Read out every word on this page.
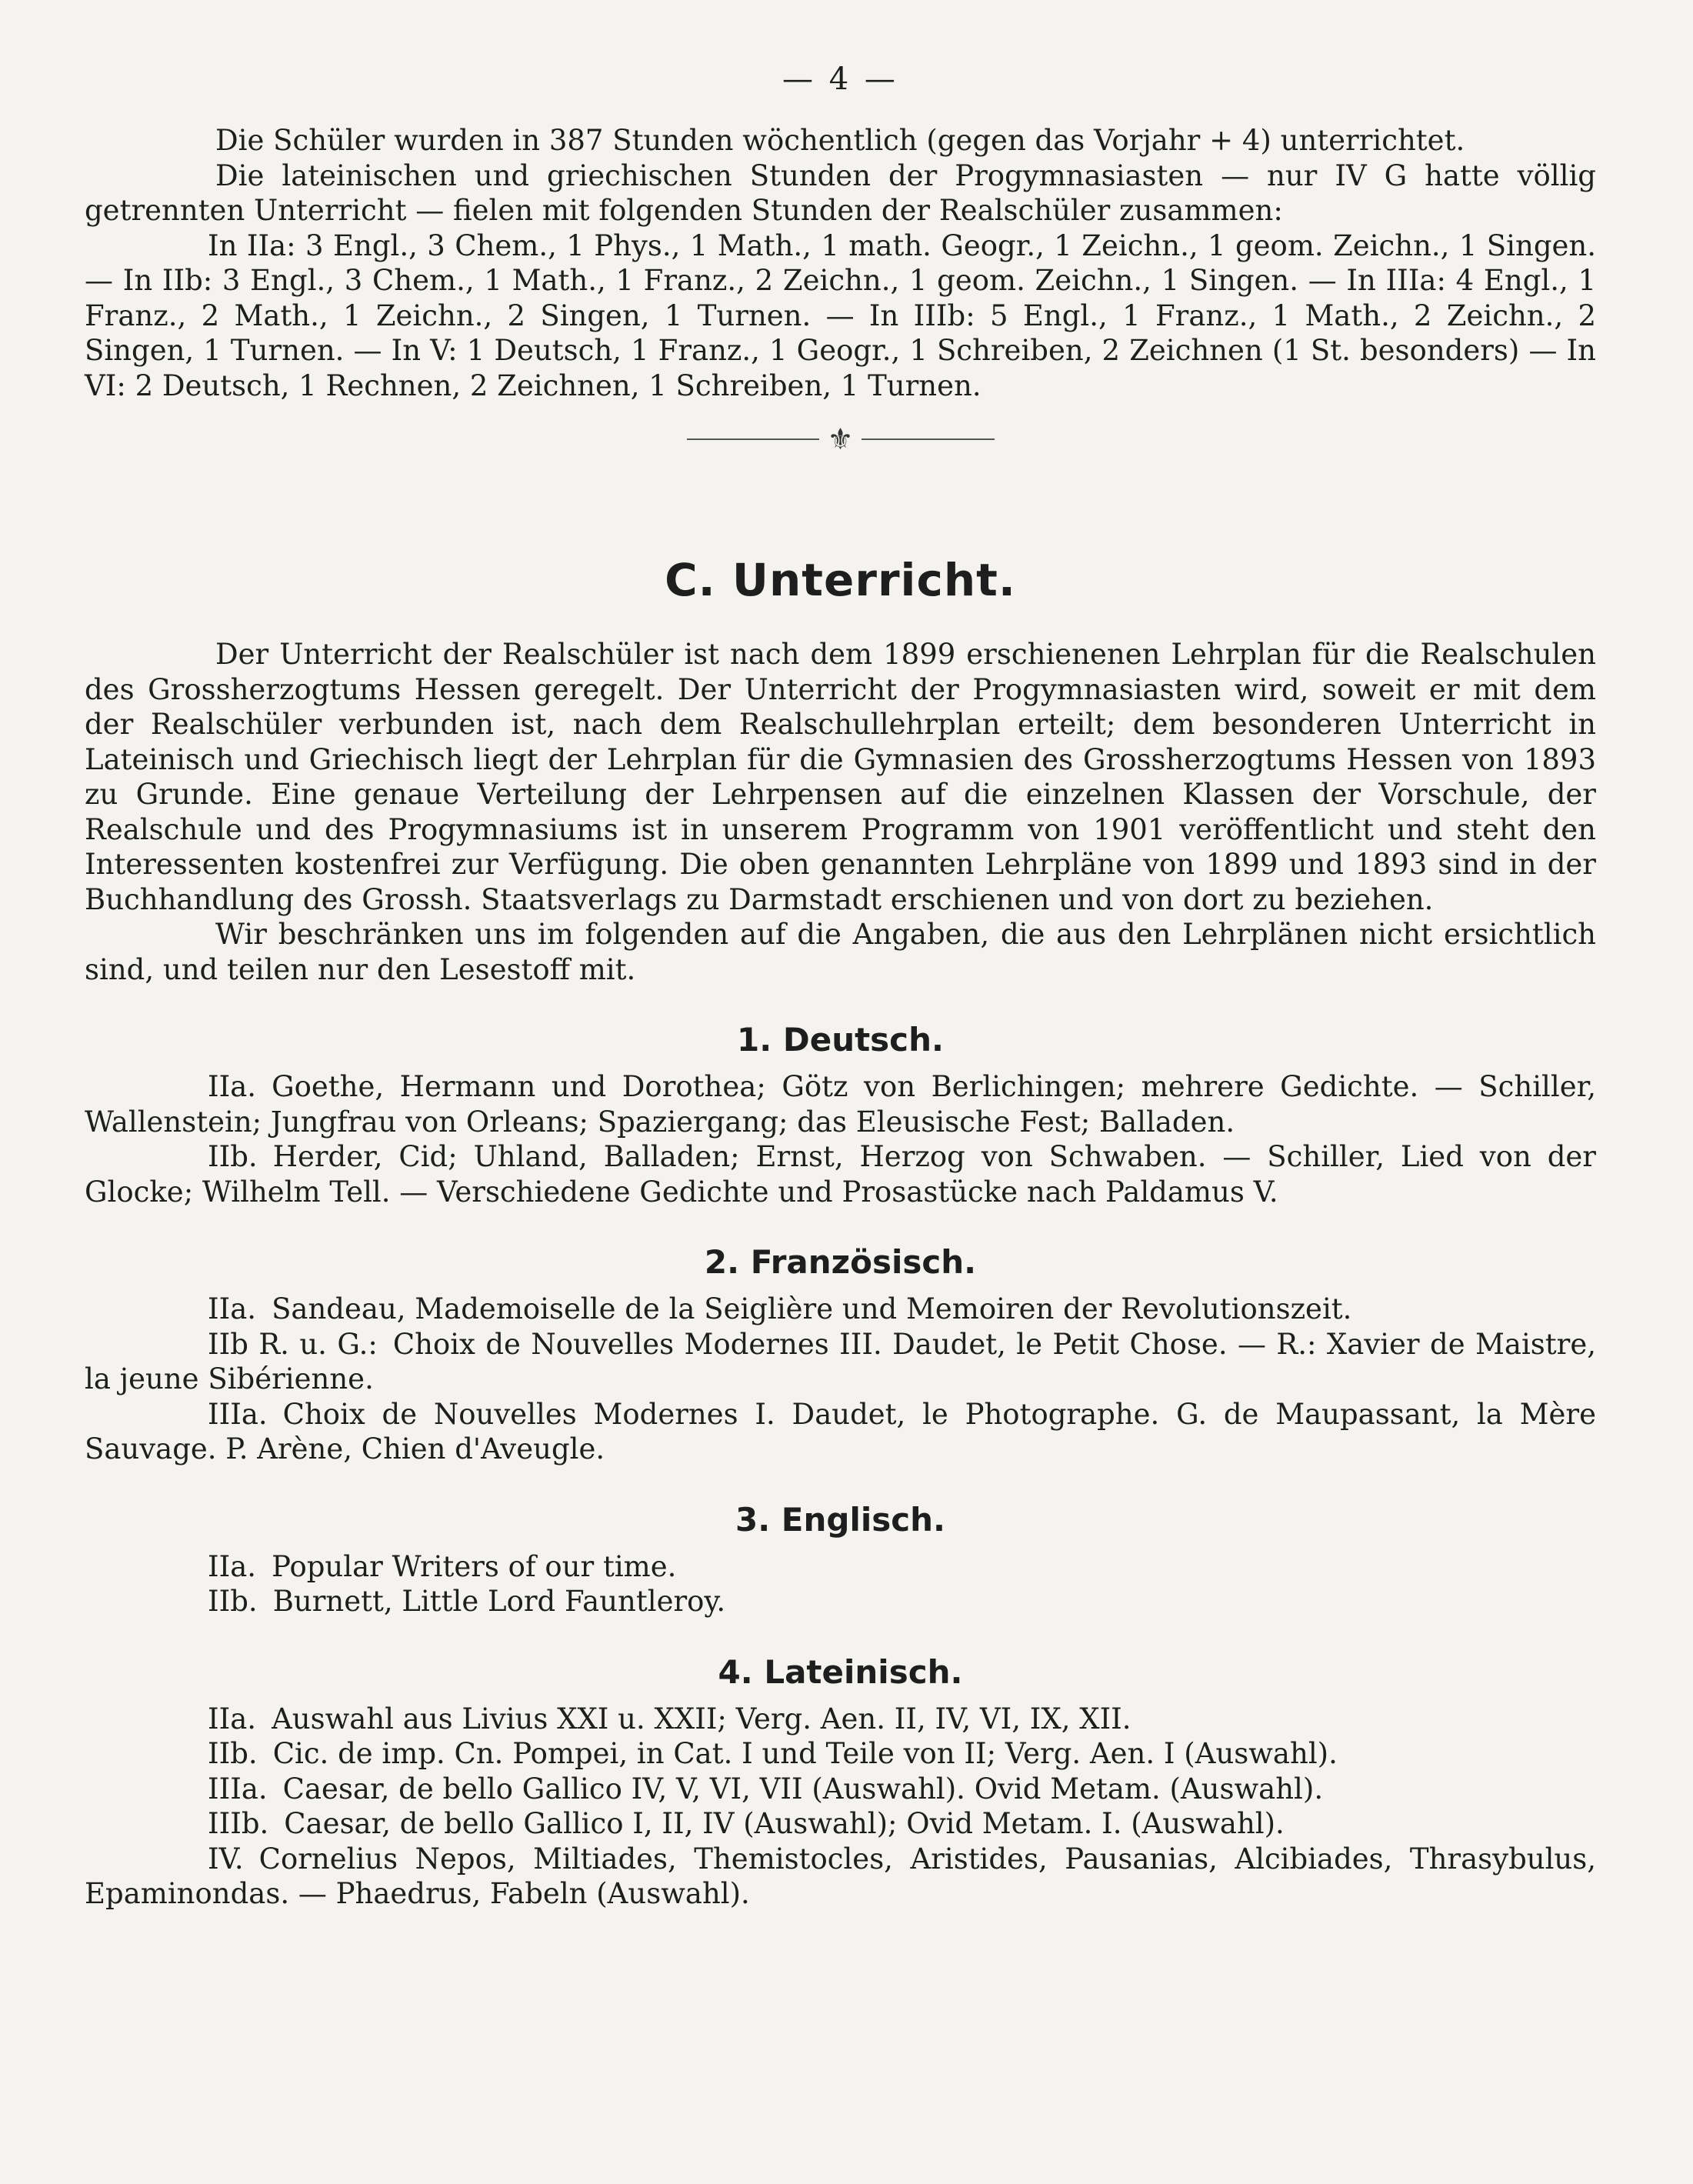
— 4 —

Die Schüler wurden in 387 Stunden wöchentlich (gegen das Vorjahr + 4) unterrichtet.

Die lateinischen und griechischen Stunden der Progymnasiasten — nur IV G hatte völlig getrennten Unterricht — fielen mit folgenden Stunden der Realschüler zusammen:

In IIa: 3 Engl., 3 Chem., 1 Phys., 1 Math., 1 math. Geogr., 1 Zeichn., 1 geom. Zeichn., 1 Singen. — In IIb: 3 Engl., 3 Chem., 1 Math., 1 Franz., 2 Zeichn., 1 geom. Zeichn., 1 Singen. — In IIIa: 4 Engl., 1 Franz., 2 Math., 1 Zeichn., 2 Singen, 1 Turnen. — In IIIb: 5 Engl., 1 Franz., 1 Math., 2 Zeichn., 2 Singen, 1 Turnen. — In V: 1 Deutsch, 1 Franz., 1 Geogr., 1 Schreiben, 2 Zeichnen (1 St. besonders) — In VI: 2 Deutsch, 1 Rechnen, 2 Zeichnen, 1 Schreiben, 1 Turnen.

⚜
C. Unterricht.

Der Unterricht der Realschüler ist nach dem 1899 erschienenen Lehrplan für die Realschulen des Grossherzogtums Hessen geregelt. Der Unterricht der Progymnasiasten wird, soweit er mit dem der Realschüler verbunden ist, nach dem Realschullehrplan erteilt; dem besonderen Unterricht in Lateinisch und Griechisch liegt der Lehrplan für die Gymnasien des Grossherzogtums Hessen von 1893 zu Grunde. Eine genaue Verteilung der Lehrpensen auf die einzelnen Klassen der Vorschule, der Realschule und des Progymnasiums ist in unserem Programm von 1901 veröffentlicht und steht den Interessenten kostenfrei zur Verfügung. Die oben genannten Lehrpläne von 1899 und 1893 sind in der Buchhandlung des Grossh. Staatsverlags zu Darmstadt erschienen und von dort zu beziehen.

Wir beschränken uns im folgenden auf die Angaben, die aus den Lehrplänen nicht ersichtlich sind, und teilen nur den Lesestoff mit.

1. Deutsch.

IIa. Goethe, Hermann und Dorothea; Götz von Berlichingen; mehrere Gedichte. — Schiller, Wallenstein; Jungfrau von Orleans; Spaziergang; das Eleusische Fest; Balladen.

IIb. Herder, Cid; Uhland, Balladen; Ernst, Herzog von Schwaben. — Schiller, Lied von der Glocke; Wilhelm Tell. — Verschiedene Gedichte und Prosastücke nach Paldamus V.

2. Französisch.

IIa. Sandeau, Mademoiselle de la Seiglière und Memoiren der Revolutionszeit.

IIb R. u. G.: Choix de Nouvelles Modernes III. Daudet, le Petit Chose. — R.: Xavier de Maistre, la jeune Sibérienne.

IIIa. Choix de Nouvelles Modernes I. Daudet, le Photographe. G. de Maupassant, la Mère Sauvage. P. Arène, Chien d'Aveugle.

3. Englisch.

IIa. Popular Writers of our time.

IIb. Burnett, Little Lord Fauntleroy.

4. Lateinisch.

IIa. Auswahl aus Livius XXI u. XXII; Verg. Aen. II, IV, VI, IX, XII.

IIb. Cic. de imp. Cn. Pompei, in Cat. I und Teile von II; Verg. Aen. I (Auswahl).

IIIa. Caesar, de bello Gallico IV, V, VI, VII (Auswahl). Ovid Metam. (Auswahl).

IIIb. Caesar, de bello Gallico I, II, IV (Auswahl); Ovid Metam. I. (Auswahl).

IV. Cornelius Nepos, Miltiades, Themistocles, Aristides, Pausanias, Alcibiades, Thrasybulus, Epaminondas. — Phaedrus, Fabeln (Auswahl).
